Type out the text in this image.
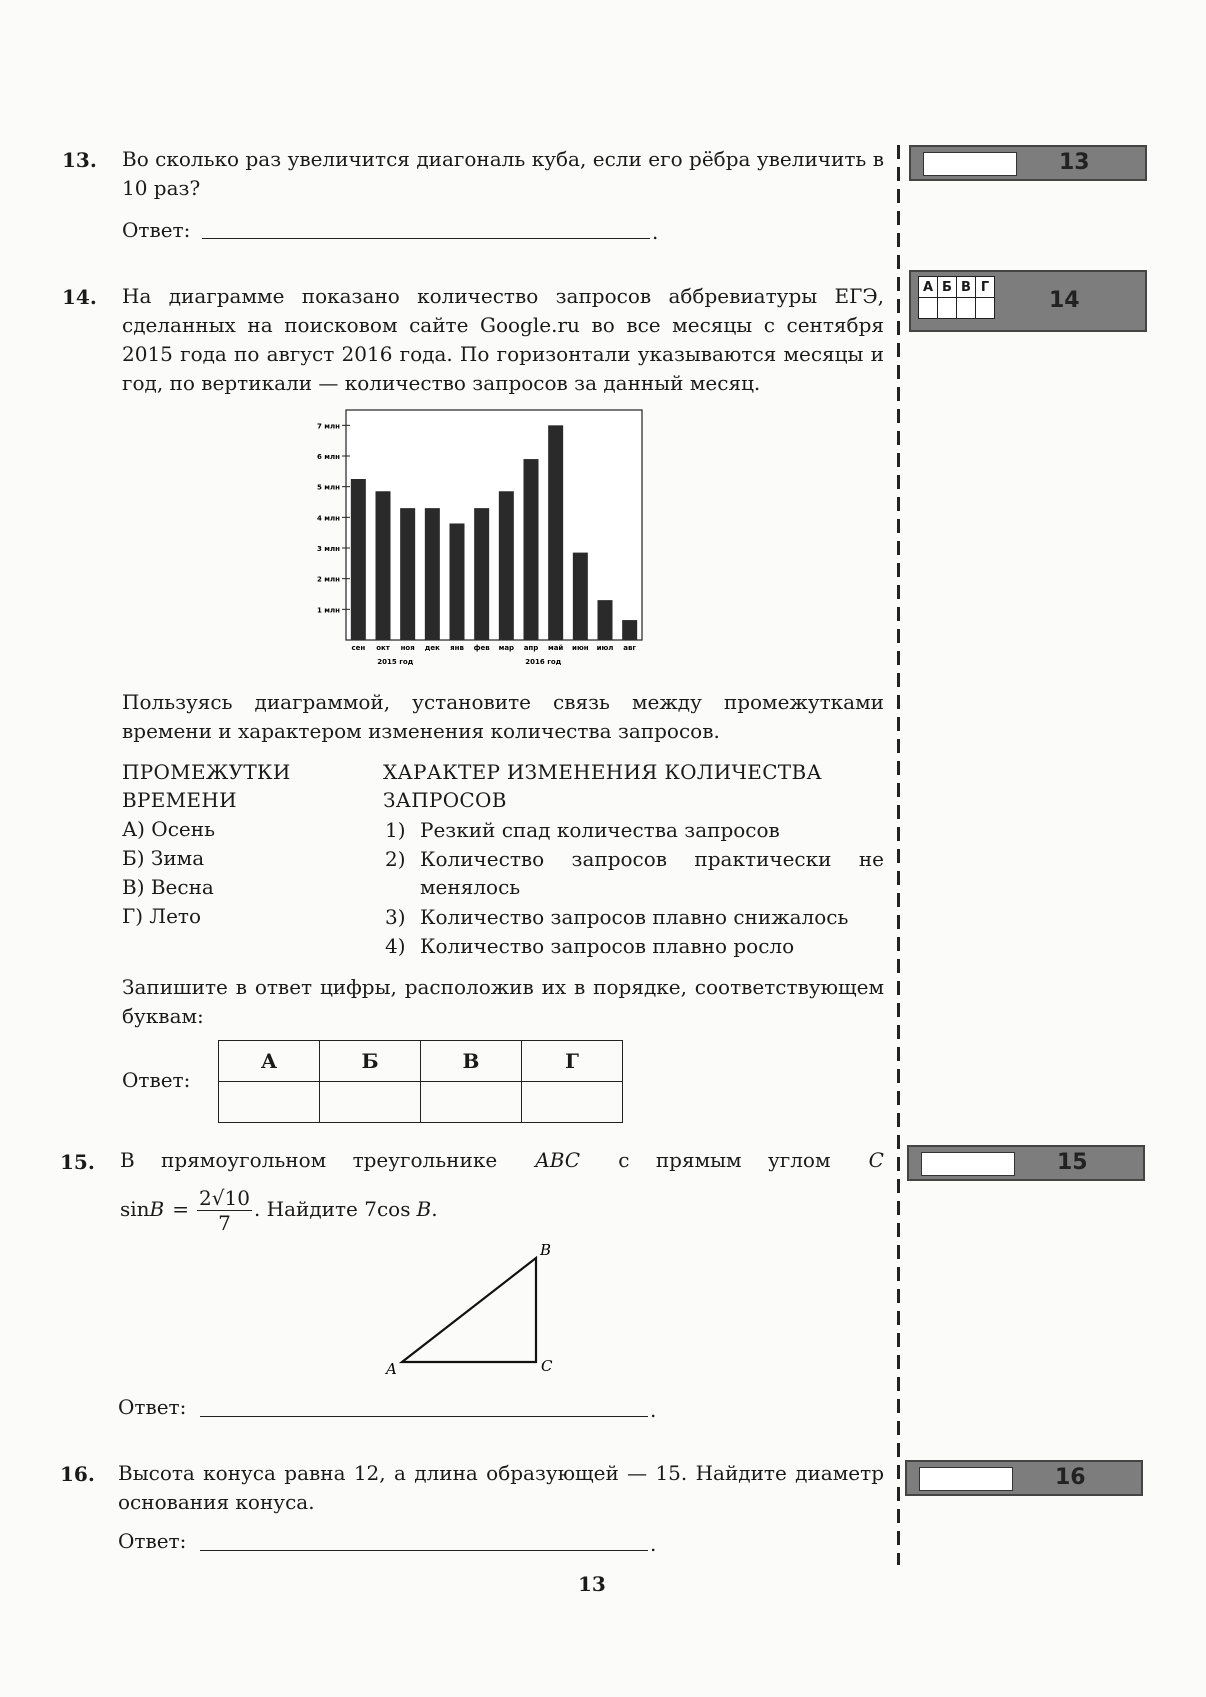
13. Во сколько раз увеличится диагональ куба, если его рёбра увеличить в 10 раз?
Ответ:	.
13
14. На диаграмме показано количество запросов аббревиатуры ЕГЭ, сделанных на поисковом сайте Google.ru во все месяцы с сентября 2015 года по август 2016 года. По горизонтали указываются месяцы и год, по вертикали — количество запросов за данный месяц.
А	Б	В	Г

14
1 млн
2 млн
3 млн
4 млн
5 млн
6 млн
7 млн
сен окт ноя дек янв фев мар апр май июн июл авг
2015 год	2016 год
Пользуясь диаграммой, установите связь между промежутками времени и характером изменения количества запросов.
ПРОМЕЖУТКИ
ВРЕМЕНИ
ХАРАКТЕР ИЗМЕНЕНИЯ КОЛИЧЕСТВА
ЗАПРОСОВ
А) Осень
Б) Зима
В) Весна
Г) Лето
1) Резкий спад количества запросов
2) Количество запросов практически не менялось
3) Количество запросов плавно снижалось
4) Количество запросов плавно росло
Запишите в ответ цифры, расположив их в порядке, соответствующем буквам:
Ответ:
А	Б	В	Г

15. В прямоугольном треугольнике ABC с прямым углом C
$\sin B = \frac{2√10}{7}$ . Найдите 7cos B .
A
B
C
Ответ:	.
15
16. Высота конуса равна 12, а длина образующей — 15. Найдите диаметр основания конуса.
Ответ:	.
16
13
